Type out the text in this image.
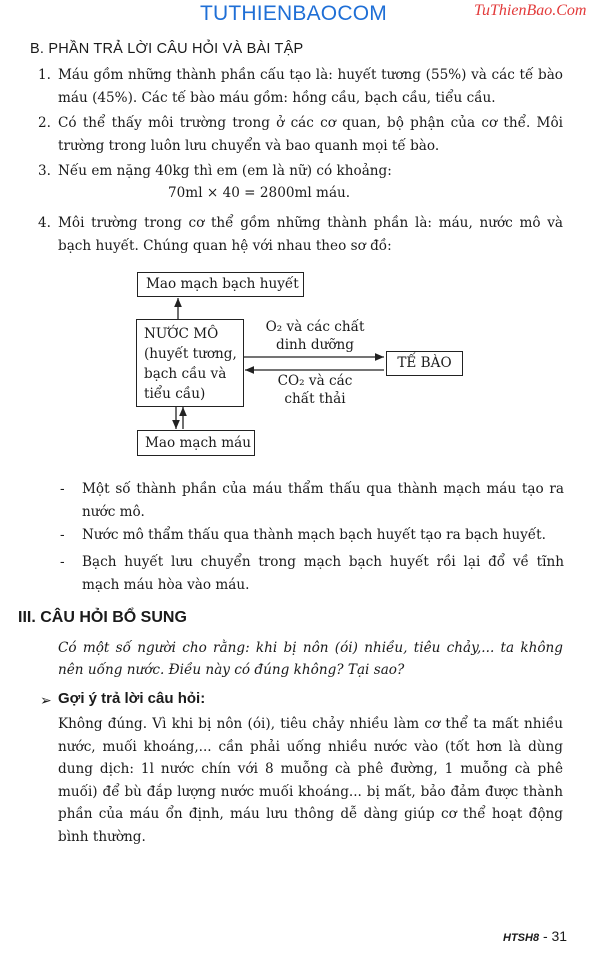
TUTHIENBAOCOM	TuThienBao.Com
B. PHẦN TRẢ LỜI CÂU HỎI VÀ BÀI TẬP
1. Máu gồm những thành phần cấu tạo là: huyết tương (55%) và các tế bào máu (45%). Các tế bào máu gồm: hồng cầu, bạch cầu, tiểu cầu.
2. Có thể thấy môi trường trong ở các cơ quan, bộ phận của cơ thể. Môi trường trong luôn lưu chuyển và bao quanh mọi tế bào.
3. Nếu em nặng 40kg thì em (em là nữ) có khoảng:
70ml × 40 = 2800ml máu.
4. Môi trường trong cơ thể gồm những thành phần là: máu, nước mô và bạch huyết. Chúng quan hệ với nhau theo sơ đồ:
Mao mạch bạch huyết
NƯỚC MÔ
(huyết tương,
bạch cầu và
tiểu cầu)
Mao mạch máu
TẾ BÀO
O₂ và các chất
dinh dưỡng
CO₂ và các
chất thải
- Một số thành phần của máu thẩm thấu qua thành mạch máu tạo ra nước mô.
- Nước mô thẩm thấu qua thành mạch bạch huyết tạo ra bạch huyết.
- Bạch huyết lưu chuyển trong mạch bạch huyết rồi lại đổ về tĩnh mạch máu hòa vào máu.
III. CÂU HỎI BỔ SUNG
Có một số người cho rằng: khi bị nôn (ói) nhiều, tiêu chảy,... ta không nên uống nước. Điều này có đúng không? Tại sao?
➢ Gợi ý trả lời câu hỏi:
Không đúng. Vì khi bị nôn (ói), tiêu chảy nhiều làm cơ thể ta mất nhiều nước, muối khoáng,... cần phải uống nhiều nước vào (tốt hơn là dùng dung dịch: 1l nước chín với 8 muỗng cà phê đường, 1 muỗng cà phê muối) để bù đắp lượng nước muối khoáng... bị mất, bảo đảm được thành phần của máu ổn định, máu lưu thông dễ dàng giúp cơ thể hoạt động bình thường.
HTSH8 - 31
